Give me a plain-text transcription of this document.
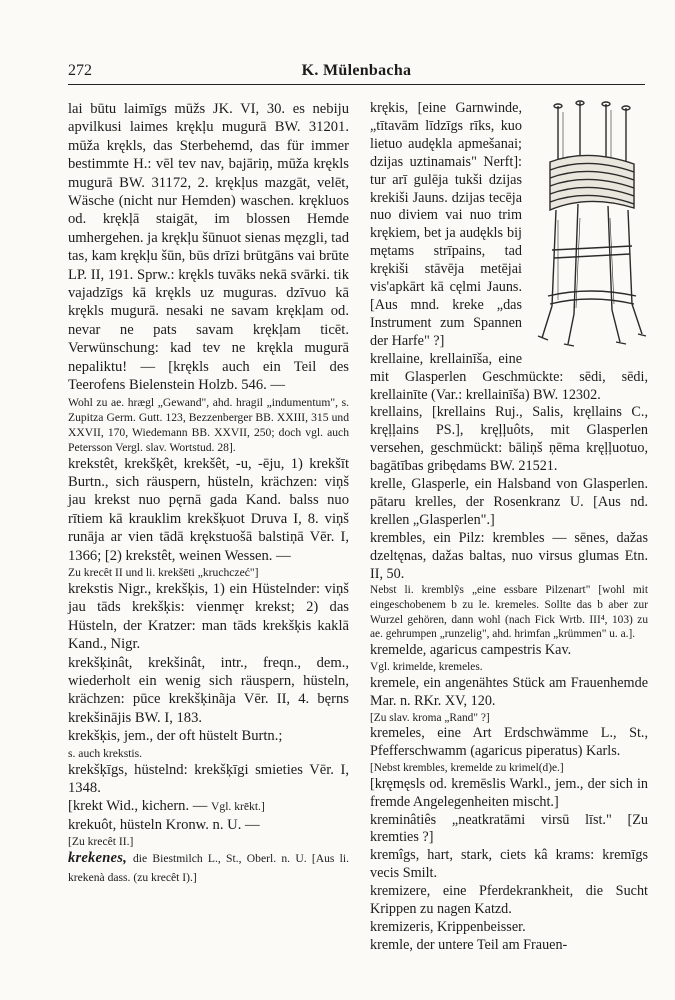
272	K. Mülenbacha

lai būtu laimīgs mūžs JK. VI, 30. es nebiju apvilkusi laimes krękļu mugurā BW. 31201. mūža krękls, das Sterbehemd, das für immer bestimmte H.: vēl tev nav, bajāriņ, mūža krękls mugurā BW. 31172, 2. krękļus mazgāt, velēt, Wäsche (nicht nur Hemden) waschen. krękluos od. krękļā staigāt, im blossen Hemde umhergehen. ja krękļu šūnuot sienas męzgli, tad tas, kam krękļu šūn, būs drīzi brūtgāns vai brūte LP. II, 191. Sprw.: krękls tuvāks nekā svārki. tik vajadzīgs kā krękls uz muguras. dzīvuo kā krękls mugurā. nesaki ne savam krękļam od. nevar ne pats savam krękļam ticēt. Verwünschung: kad tev ne krękla mugurā nepaliktu! — [krękls auch ein Teil des Teerofens Bielenstein Holzb. 546. —

Wohl zu ae. hrægl „Gewand", ahd. hragil „indumentum", s. Zupitza Germ. Gutt. 123, Bezzenberger BB. XXIII, 315 und XXVII, 170, Wiedemann BB. XXVII, 250; doch vgl. auch Petersson Vergl. slav. Wortstud. 28].

krekstêt, krekšķêt, krekšêt, -u, -ēju, 1) krekšīt Burtn., sich räuspern, hüsteln, krächzen: viņš jau krekst nuo pęrnā gada Kand. balss nuo rītiem kā krauklim krekšķuot Druva I, 8. viņš runāja ar vien tādā krękstuošā balstiņā Vēr. I, 1366; [2) krekstêt, weinen Wessen. —

Zu krecêt II und li. krekšēti „kruchczeć"]

krekstis Nigr., krekšķis, 1) ein Hüstelnder: viņš jau tāds krekšķis: vienmęr krekst; 2) das Hüsteln, der Kratzer: man tāds krekšķis kaklā Kand., Nigr.

krekšķinât, krekšinât, intr., freqn., dem., wiederholt ein wenig sich räuspern, hüsteln, krächzen: pūce krekšķinãja Vēr. II, 4. bęrns krekšinājis BW. I, 183.

krekšķis, jem., der oft hüstelt Burtn.;

s. auch krekstis.

krekšķīgs, hüstelnd: krekšķīgi smieties Vēr. I, 1348.

[krekt Wid., kichern. — Vgl. krēkt.]

krekuôt, hüsteln Kronw. n. U. —

[Zu krecêt II.]

krekenes, die Biestmilch L., St., Oberl. n. U. [Aus li. krekenà dass. (zu krecêt I).]

krękis, [eine Garnwinde, „tītavām līdzīgs rīks, kuo lietuo audękla apmešanai; dzijas uztinamais" Nerft]: tur arī gulēja tukši dzijas krekiši Jauns. dzijas tecēja nuo diviem vai nuo trim krękiem, bet ja audękls bij mętams strīpains, tad krękiši stāvēja metējai vis'apkārt kā cęlmi Jauns. [Aus mnd. kreke „das Instrument zum Spannen der Harfe" ?]

krellaine, krellainīša, eine mit Glasperlen Geschmückte: sēdi, sēdi, krellainīte (Var.: krellainīša) BW. 12302.

krellains, [krellains Ruj., Salis, kręllains C., kręļļains PS.], kręļļuôts, mit Glasperlen versehen, geschmückt: bāliņš ņēma kręļļuotuo, bagātības gribędams BW. 21521.

krelle, Glasperle, ein Halsband von Glasperlen. pātaru krelles, der Rosenkranz U. [Aus nd. krellen „Glasperlen".]

krembles, ein Pilz: krembles — sēnes, dažas dzeltęnas, dažas baltas, nuo virsus glumas Etn. II, 50.

Nebst li. kremblỹs „eine essbare Pilzenart" [wohl mit eingeschobenem b zu le. kremeles. Sollte das b aber zur Wurzel gehören, dann wohl (nach Fick Wrtb. III⁴, 103) zu ae. gehrumpen „runzelig", ahd. hrimfan „krümmen" u. a.].

kremelde, agaricus campestris Kav.

Vgl. krimelde, kremeles.

kremele, ein angenähtes Stück am Frauenhemde Mar. n. RKr. XV, 120.

[Zu slav. kroma „Rand" ?]

kremeles, eine Art Erdschwämme L., St., Pfefferschwamm (agaricus piperatus) Karls.

[Nebst krembles, kremelde zu krimel(d)e.]

[kręmęsls od. kremēslis Warkl., jem., der sich in fremde Angelegenheiten mischt.]

kreminâtiês „neatkratāmi virsū līst." [Zu kremties ?]

kremîgs, hart, stark, ciets kâ krams: kremīgs vecis Smilt.

kremizere, eine Pferdekrankheit, die Sucht Krippen zu nagen Katzd.

kremizeris, Krippenbeisser.

kremle, der untere Teil am Frauen-
